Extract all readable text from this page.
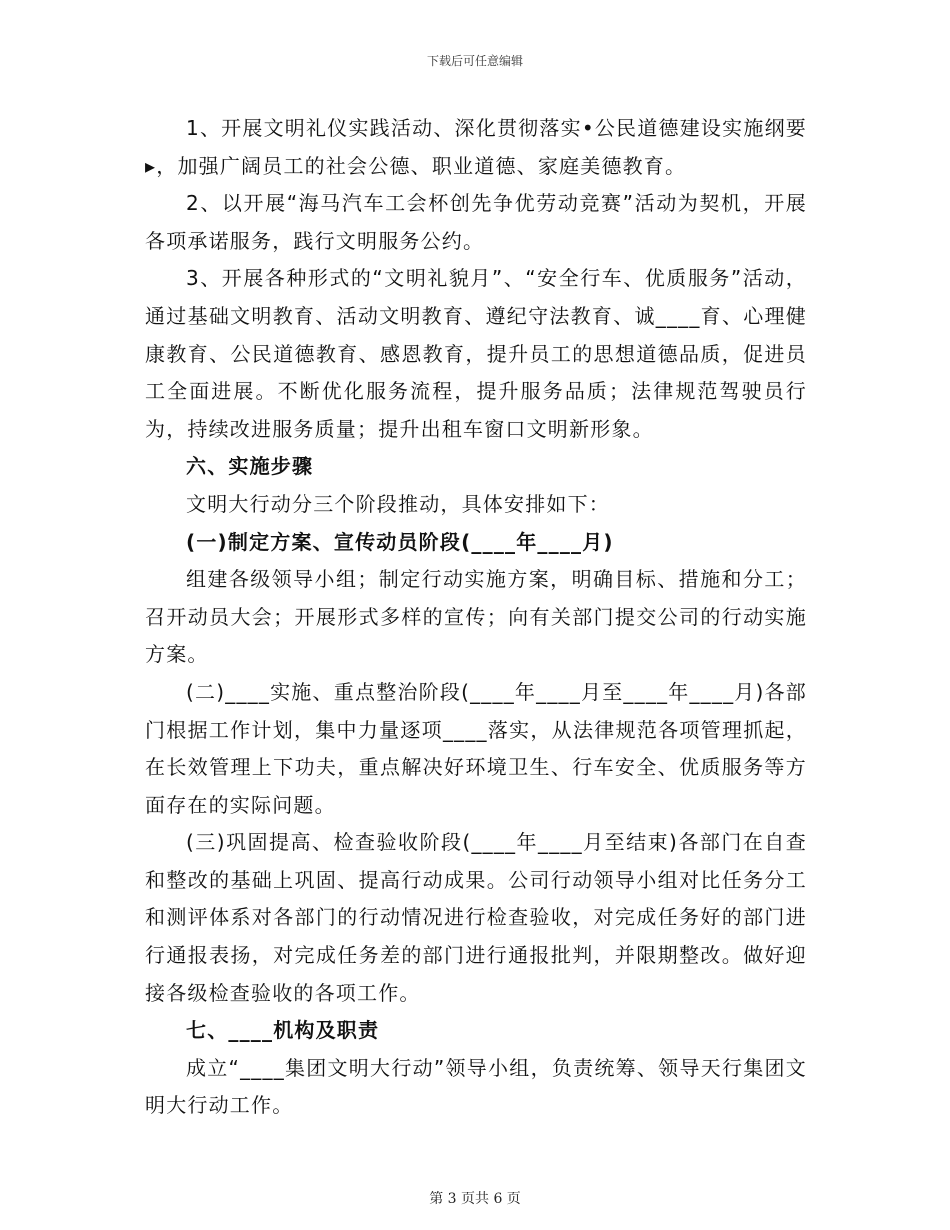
下载后可任意编辑

1、开展文明礼仪实践活动、深化贯彻落实•公民道德建设实施纲要▸，加强广阔员工的社会公德、职业道德、家庭美德教育。

2、以开展“海马汽车工会杯创先争优劳动竞赛”活动为契机，开展各项承诺服务，践行文明服务公约。

3、开展各种形式的“文明礼貌月”、“安全行车、优质服务”活动，通过基础文明教育、活动文明教育、遵纪守法教育、诚____育、心理健康教育、公民道德教育、感恩教育，提升员工的思想道德品质，促进员工全面进展。不断优化服务流程，提升服务品质；法律规范驾驶员行为，持续改进服务质量；提升出租车窗口文明新形象。

六、实施步骤

文明大行动分三个阶段推动，具体安排如下：

(一)制定方案、宣传动员阶段(____年____月)

组建各级领导小组；制定行动实施方案，明确目标、措施和分工；召开动员大会；开展形式多样的宣传；向有关部门提交公司的行动实施方案。

(二)____实施、重点整治阶段(____年____月至____年____月)各部门根据工作计划，集中力量逐项____落实，从法律规范各项管理抓起，在长效管理上下功夫，重点解决好环境卫生、行车安全、优质服务等方面存在的实际问题。

(三)巩固提高、检查验收阶段(____年____月至结束)各部门在自查和整改的基础上巩固、提高行动成果。公司行动领导小组对比任务分工和测评体系对各部门的行动情况进行检查验收，对完成任务好的部门进行通报表扬，对完成任务差的部门进行通报批判，并限期整改。做好迎接各级检查验收的各项工作。

七、____机构及职责

成立“____集团文明大行动”领导小组，负责统筹、领导天行集团文明大行动工作。

第 3 页共 6 页
